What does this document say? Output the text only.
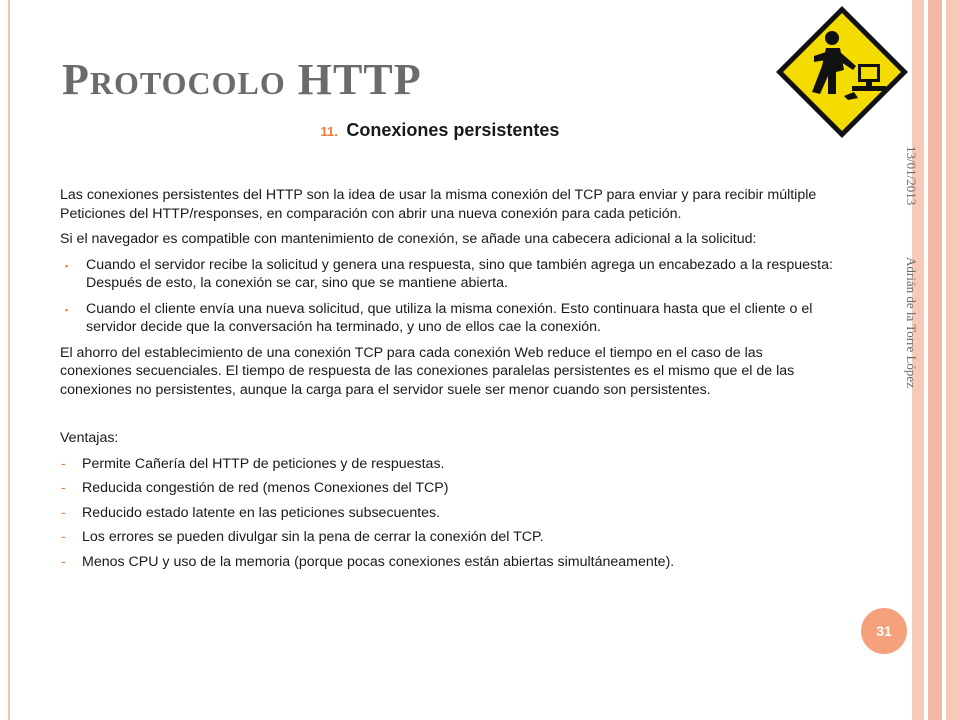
PROTOCOLO HTTP
11. Conexiones persistentes

Las conexiones persistentes del HTTP son la idea de usar la misma conexión del TCP para enviar y para recibir múltiple Peticiones del HTTP/responses, en comparación con abrir una nueva conexión para cada petición.

Si el navegador es compatible con mantenimiento de conexión, se añade una cabecera adicional a la solicitud:

▪ Cuando el servidor recibe la solicitud y genera una respuesta, sino que también agrega un encabezado a la respuesta: Después de esto, la conexión se car, sino que se mantiene abierta.
▪ Cuando el cliente envía una nueva solicitud, que utiliza la misma conexión. Esto continuara hasta que el cliente o el servidor decide que la conversación ha terminado, y uno de ellos cae la conexión.

El ahorro del establecimiento de una conexión TCP para cada conexión Web reduce el tiempo en el caso de las conexiones secuenciales. El tiempo de respuesta de las conexiones paralelas persistentes es el mismo que el de las conexiones no persistentes, aunque la carga para el servidor suele ser menor cuando son persistentes.

Ventajas:

- Permite Cañería del HTTP de peticiones y de respuestas.
- Reducida congestión de red (menos Conexiones del TCP)
- Reducido estado latente en las peticiones subsecuentes.
- Los errores se pueden divulgar sin la pena de cerrar la conexión del TCP.
- Menos CPU y uso de la memoria (porque pocas conexiones están abiertas simultáneamente).
13/01/2013
Adrián de la Torre López
31
